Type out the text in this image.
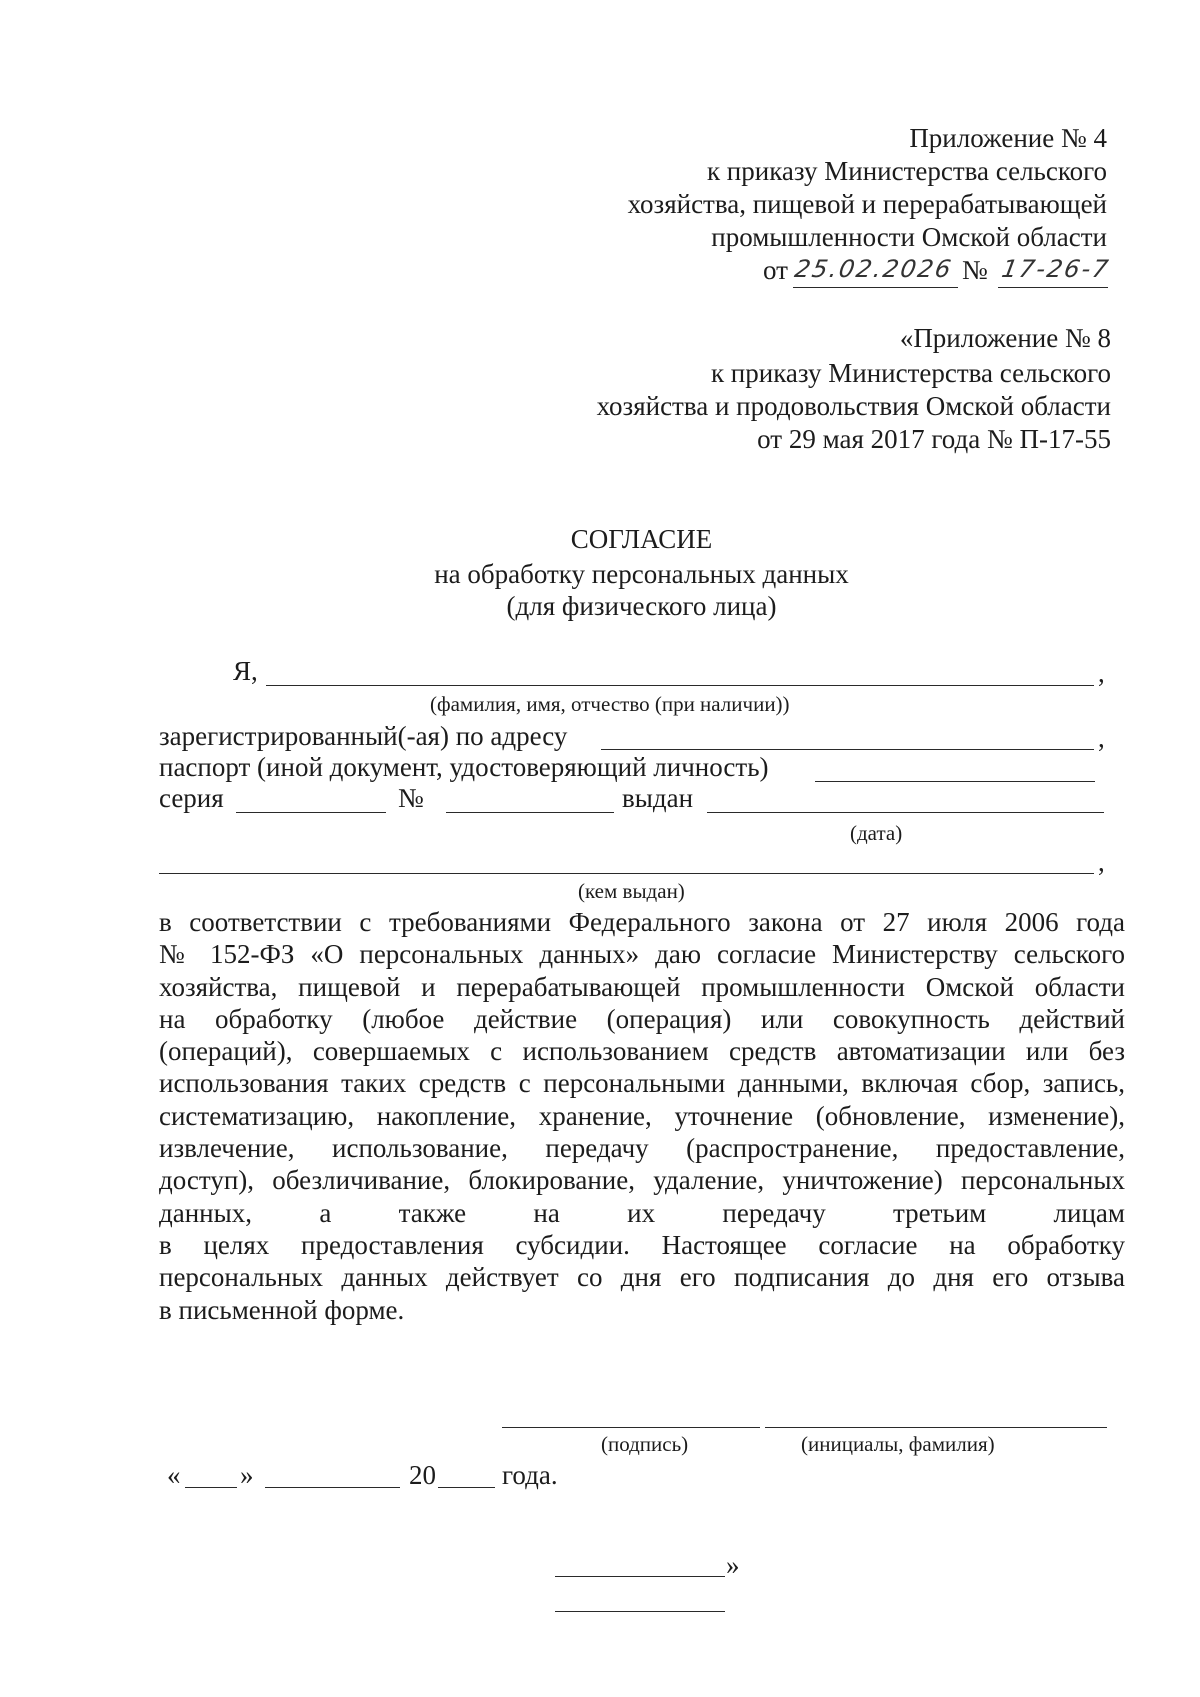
Приложение № 4
к приказу Министерства сельского
хозяйства, пищевой и перерабатывающей
промышленности Омской области
от 25.02.2026 № 17-26-7
«Приложение № 8
к приказу Министерства сельского
хозяйства и продовольствия Омской области
от 29 мая 2017 года № П-17-55
СОГЛАСИЕ
на обработку персональных данных
(для физического лица)
Я,	,
(фамилия, имя, отчество (при наличии))
зарегистрированный(-ая) по адресу	,
паспорт (иной документ, удостоверяющий личность)
серия	№	выдан
(дата)
,
(кем выдан)
в соответствии с требованиями Федерального закона от 27 июля 2006 года
№ 152-ФЗ «О персональных данных» даю согласие Министерству сельского
хозяйства, пищевой и перерабатывающей промышленности Омской области
на обработку (любое действие (операция) или совокупность действий
(операций), совершаемых с использованием средств автоматизации или без
использования таких средств с персональными данными, включая сбор, запись,
систематизацию, накопление, хранение, уточнение (обновление, изменение),
извлечение, использование, передачу (распространение, предоставление,
доступ), обезличивание, блокирование, удаление, уничтожение) персональных
данных, а также на их передачу третьим лицам
в целях предоставления субсидии. Настоящее согласие на обработку
персональных данных действует со дня его подписания до дня его отзыва
в письменной форме.
(подпись)	(инициалы, фамилия)
« »	20 года.
»
